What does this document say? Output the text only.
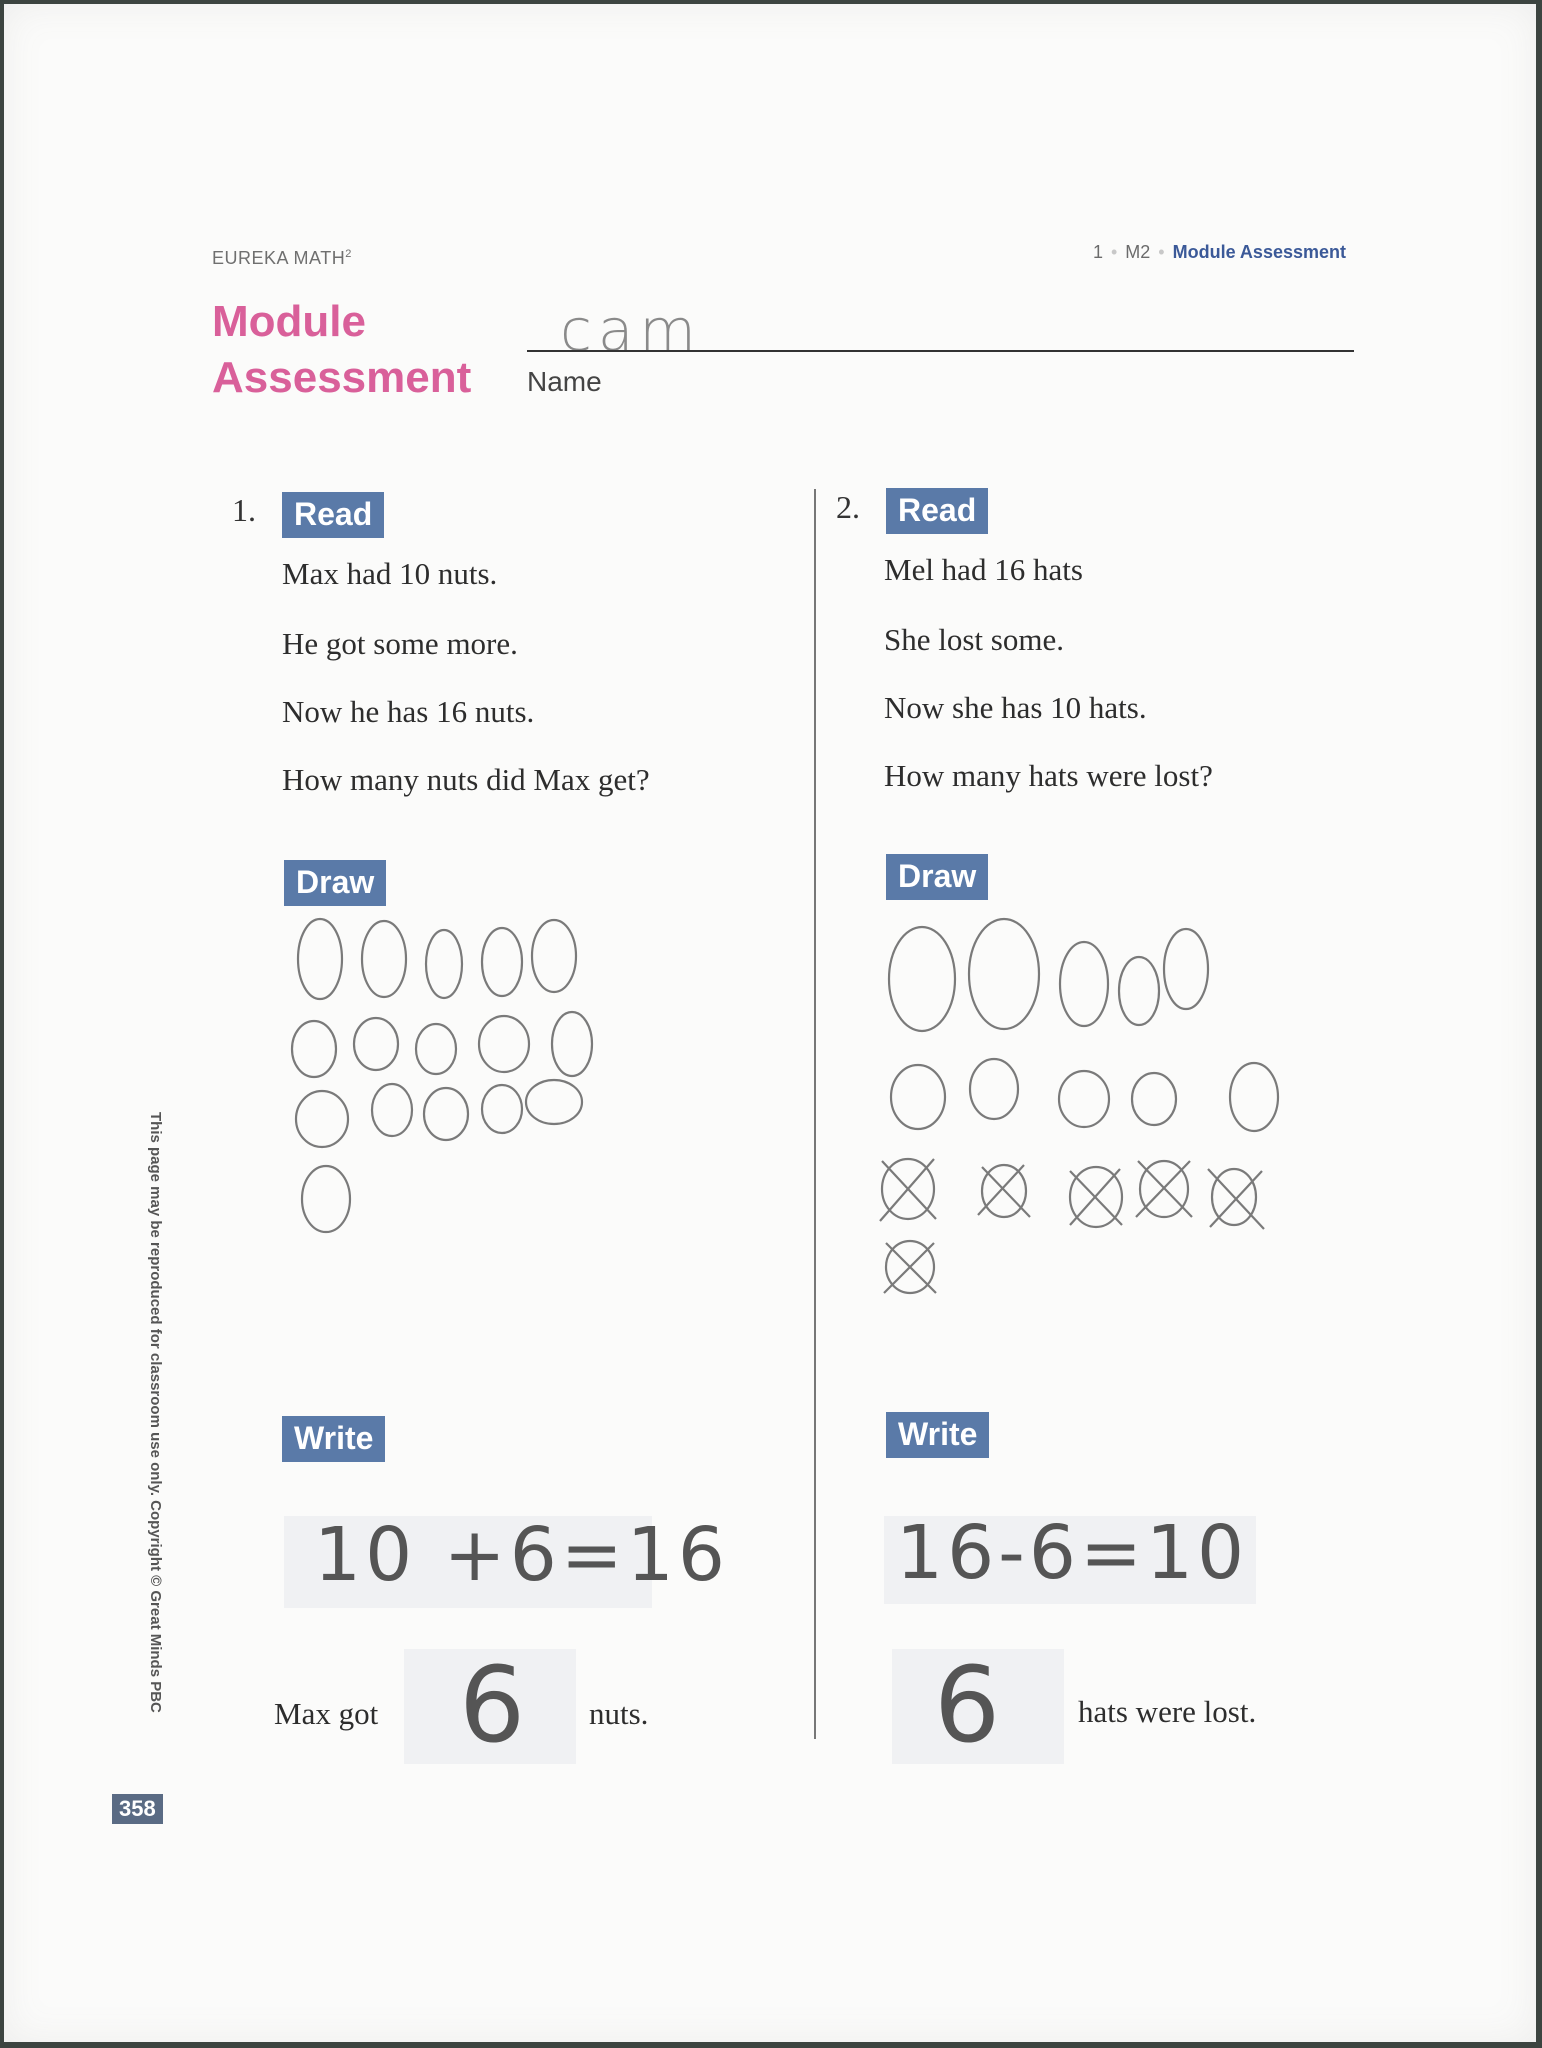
EUREKA MATH$^2$	1 • M2 • Module Assessment
Module
Assessment
cam
Name
1.	Read
Max had 10 nuts.
He got some more.
Now he has 16 nuts.
How many nuts did Max get?
Draw
Write
10 +6=16
Max got 6 nuts.
2.	Read
Mel had 16 hats
She lost some.
Now she has 10 hats.
How many hats were lost?
Draw
Write
16-6=10
6	hats were lost.
This page may be reproduced for classroom use only. Copyright © Great Minds PBC
358
